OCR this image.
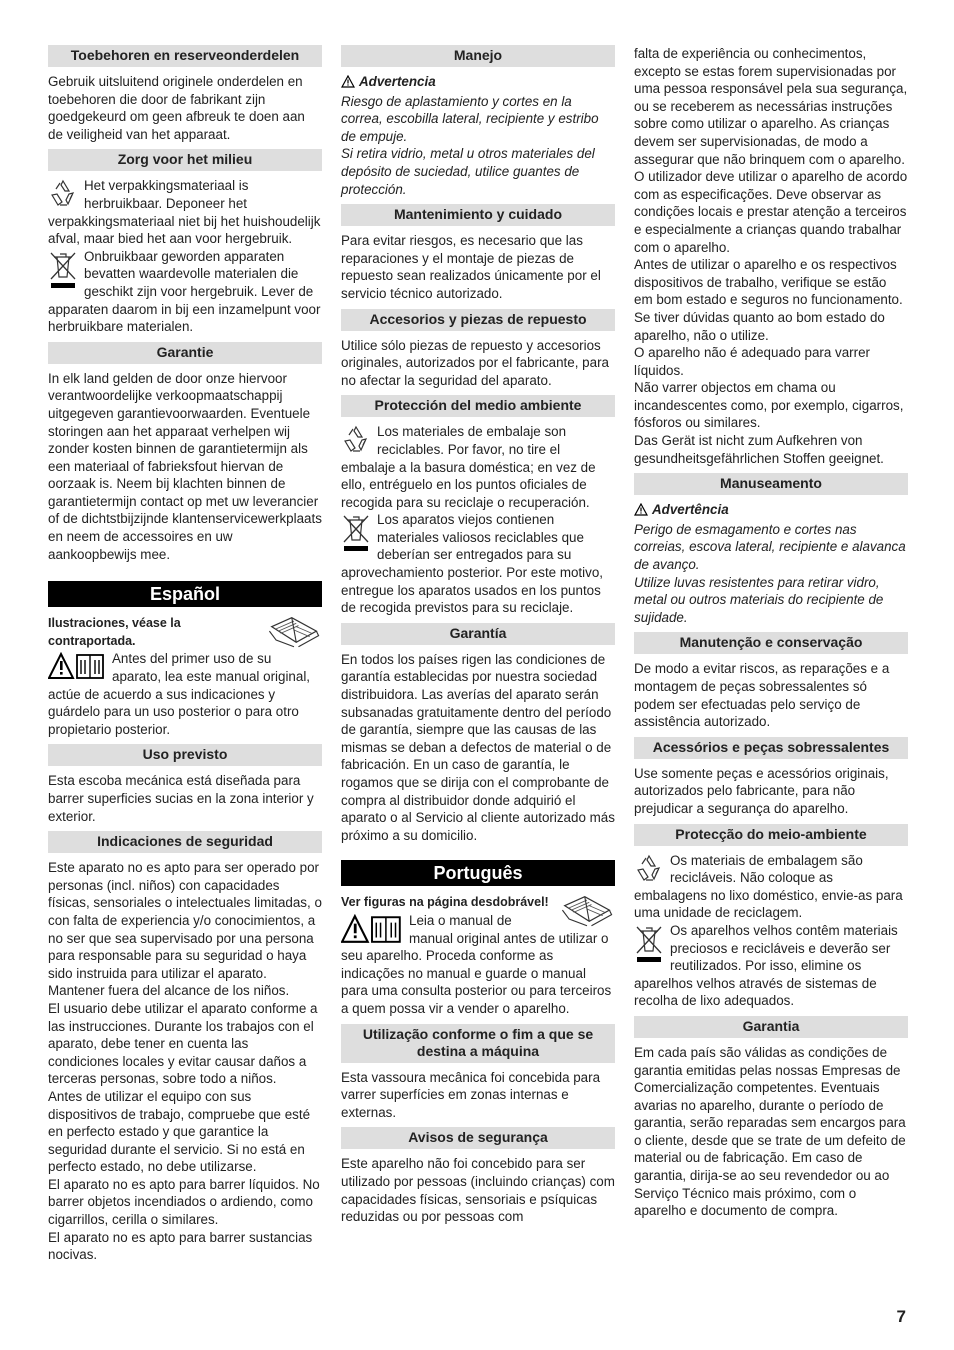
Toebehoren en reserveonderdelen

Gebruik uitsluitend originele onderdelen en toebehoren die door de fabrikant zijn goedgekeurd om geen afbreuk te doen aan de veiligheid van het apparaat.

Zorg voor het milieu

Het verpakkingsmateriaal is herbruikbaar. Deponeer het verpakkingsmateriaal niet bij het huishoudelijk afval, maar bied het aan voor hergebruik.

Onbruikbaar geworden apparaten bevatten waardevolle materialen die geschikt zijn voor hergebruik. Lever de apparaten daarom in bij een inzamelpunt voor herbruikbare materialen.

Garantie

In elk land gelden de door onze hiervoor verantwoordelijke verkoopmaatschappij uitgegeven garantievoorwaarden. Eventuele storingen aan het apparaat verhelpen wij zonder kosten binnen de garantietermijn als een materiaal of fabrieksfout hiervan de oorzaak is. Neem bij klachten binnen de garantietermijn contact op met uw leverancier of de dichtstbijzijnde klantenservicewerkplaats en neem de accessoires en uw aankoopbewijs mee.

Español

Ilustraciones, véase la contraportada.

Antes del primer uso de su aparato, lea este manual original, actúe de acuerdo a sus indicaciones y guárdelo para un uso posterior o para otro propietario posterior.

Uso previsto

Esta escoba mecánica está diseñada para barrer superficies sucias en la zona interior y exterior.

Indicaciones de seguridad

Este aparato no es apto para ser operado por personas (incl. niños) con capacidades físicas, sensoriales o intelectuales limitadas, o con falta de experiencia y/o conocimientos, a no ser que sea supervisado por una persona para responsable para su seguridad o haya sido instruida para utilizar el aparato. Mantener fuera del alcance de los niños.

El usuario debe utilizar el aparato conforme a las instrucciones. Durante los trabajos con el aparato, debe tener en cuenta las condiciones locales y evitar causar daños a terceras personas, sobre todo a niños.

Antes de utilizar el equipo con sus dispositivos de trabajo, compruebe que esté en perfecto estado y que garantice la seguridad durante el servicio. Si no está en perfecto estado, no debe utilizarse.

El aparato no es apto para barrer líquidos. No barrer objetos incendiados o ardiendo, como cigarrillos, cerilla o similares.

El aparato no es apto para barrer sustancias nocivas.

Manejo
Advertencia

Riesgo de aplastamiento y cortes en la correa, escobilla lateral, recipiente y estribo de empuje.

Si retira vidrio, metal u otros materiales del depósito de suciedad, utilice guantes de protección.

Mantenimiento y cuidado

Para evitar riesgos, es necesario que las reparaciones y el montaje de piezas de repuesto sean realizados únicamente por el servicio técnico autorizado.

Accesorios y piezas de repuesto

Utilice sólo piezas de repuesto y accesorios originales, autorizados por el fabricante, para no afectar la seguridad del aparato.

Protección del medio ambiente

Los materiales de embalaje son reciclables. Por favor, no tire el embalaje a la basura doméstica; en vez de ello, entréguelo en los puntos oficiales de recogida para su reciclaje o recuperación.

Los aparatos viejos contienen materiales valiosos reciclables que deberían ser entregados para su aprovechamiento posterior. Por este motivo, entregue los aparatos usados en los puntos de recogida previstos para su reciclaje.

Garantía

En todos los países rigen las condiciones de garantía establecidas por nuestra sociedad distribuidora. Las averías del aparato serán subsanadas gratuitamente dentro del período de garantía, siempre que las causas de las mismas se deban a defectos de material o de fabricación. En un caso de garantía, le rogamos que se dirija con el comprobante de compra al distribuidor donde adquirió el aparato o al Servicio al cliente autorizado más próximo a su domicilio.

Português

Ver figuras na página desdobrável!

Leia o manual de manual original antes de utilizar o seu aparelho. Proceda conforme as indicações no manual e guarde o manual para uma consulta posterior ou para terceiros a quem possa vir a vender o aparelho.

Utilização conforme o fim a que se destina a máquina

Esta vassoura mecânica foi concebida para varrer superfícies em zonas internas e externas.

Avisos de segurança

Este aparelho não foi concebido para ser utilizado por pessoas (incluindo crianças) com capacidades físicas, sensoriais e psíquicas reduzidas ou por pessoas com

falta de experiência ou conhecimentos, excepto se estas forem supervisionadas por uma pessoa responsável pela sua segurança, ou se receberem as necessárias instruções sobre como utilizar o aparelho. As crianças devem ser supervisionadas, de modo a assegurar que não brinquem com o aparelho.

O utilizador deve utilizar o aparelho de acordo com as especificações. Deve observar as condições locais e prestar atenção a terceiros e especialmente a crianças quando trabalhar com o aparelho.

Antes de utilizar o aparelho e os respectivos dispositivos de trabalho, verifique se estão em bom estado e seguros no funcionamento. Se tiver dúvidas quanto ao bom estado do aparelho, não o utilize.

O aparelho não é adequado para varrer líquidos.

Não varrer objectos em chama ou incandescentes como, por exemplo, cigarros, fósforos ou similares.

Das Gerät ist nicht zum Aufkehren von gesundheitsgefährlichen Stoffen geeignet.

Manuseamento
Advertência

Perigo de esmagamento e cortes nas correias, escova lateral, recipiente e alavanca de avanço.

Utilize luvas resistentes para retirar vidro, metal ou outros materiais do recipiente de sujidade.

Manutenção e conservação

De modo a evitar riscos, as reparações e a montagem de peças sobressalentes só podem ser efectuadas pelo serviço de assistência autorizado.

Acessórios e peças sobressalentes

Use somente peças e acessórios originais, autorizados pelo fabricante, para não prejudicar a segurança do aparelho.

Protecção do meio-ambiente

Os materiais de embalagem são recicláveis. Não coloque as embalagens no lixo doméstico, envie-as para uma unidade de reciclagem.

Os aparelhos velhos contêm materiais preciosos e recicláveis e deverão ser reutilizados. Por isso, elimine os aparelhos velhos através de sistemas de recolha de lixo adequados.

Garantia

Em cada país são válidas as condições de garantia emitidas pelas nossas Empresas de Comercialização competentes. Eventuais avarias no aparelho, durante o período de garantia, serão reparadas sem encargos para o cliente, desde que se trate de um defeito de material ou de fabricação. Em caso de garantia, dirija-se ao seu revendedor ou ao Serviço Técnico mais próximo, com o aparelho e documento de compra.

7
